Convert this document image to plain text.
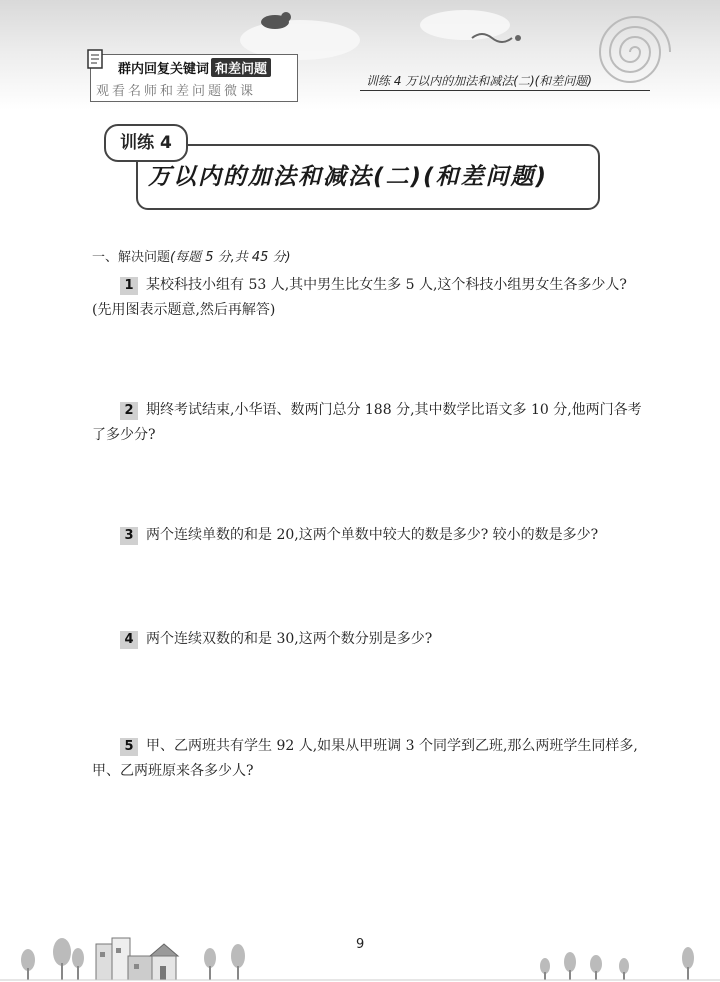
群内回复关键词 和差问题
观看名师和差问题微课
训练 4 万以内的加法和减法(二)(和差问题)
训练 4
万以内的加法和减法(二)(和差问题)
一、解决问题(每题 5 分,共 45 分)
1 某校科技小组有 53 人,其中男生比女生多 5 人,这个科技小组男女生各多少人?
(先用图表示题意,然后再解答)
2 期终考试结束,小华语、数两门总分 188 分,其中数学比语文多 10 分,他两门各考
了多少分?
3 两个连续单数的和是 20,这两个单数中较大的数是多少? 较小的数是多少?
4 两个连续双数的和是 30,这两个数分别是多少?
5 甲、乙两班共有学生 92 人,如果从甲班调 3 个同学到乙班,那么两班学生同样多,
甲、乙两班原来各多少人?
9
